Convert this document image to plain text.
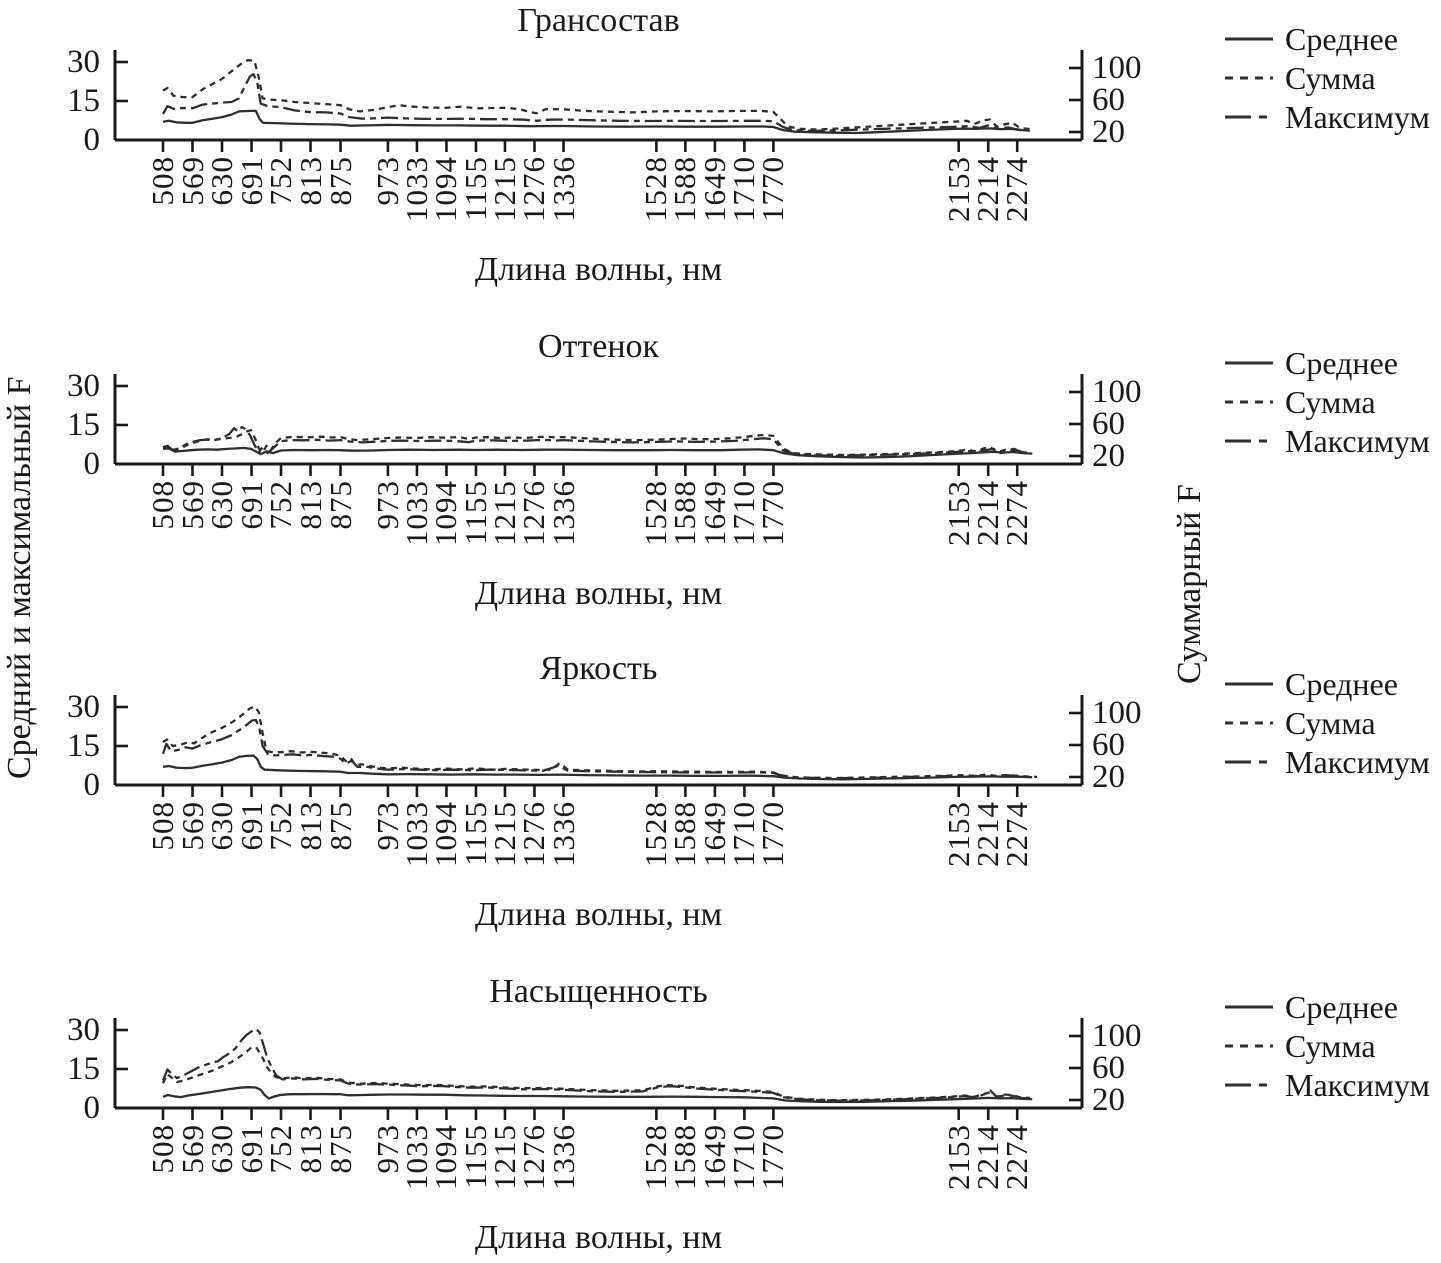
Грансостав
Оттенок
Яркость
Насыщенность
Длина волны, нм
Длина волны, нм
Длина волны, нм
Длина волны, нм
Средний и максимальный F	Суммарный F
Среднее
Сумма
Максимум
Среднее
Сумма
Максимум
Среднее
Сумма
Максимум
Среднее
Сумма
Максимум
0
15
30
20
60
100
508
569
630
691
752
813
875 973
1033
1094
1155
1215
1276
1336 1528
1588
1649
1710
1770	2153
2214
2274
0
15
30
20
60
100
508
569
630
691
752
813
875 973
1033
1094
1155
1215
1276
1336 1528
1588
1649
1710
1770	2153
2214
2274
0
15
30
20
60
100
508
569
630
691
752
813
875 973
1033
1094
1155
1215
1276
1336 1528
1588
1649
1710
1770	2153
2214
2274
0
15
30
20
60
100
508
569
630
691
752
813
875 973
1033
1094
1155
1215
1276
1336 1528
1588
1649
1710
1770	2153
2214
2274
